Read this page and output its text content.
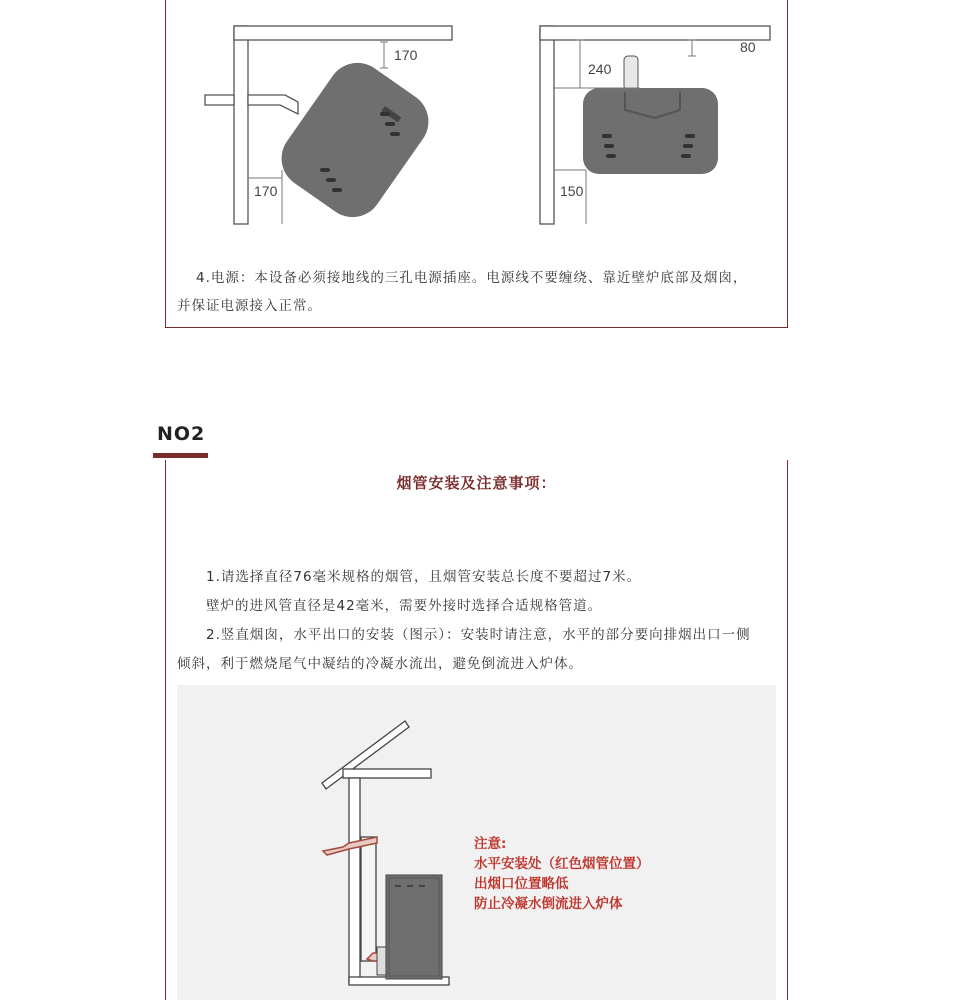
170
170
80
240
150
4.电源：本设备必须接地线的三孔电源插座。电源线不要缠绕、靠近壁炉底部及烟囱，
并保证电源接入正常。
NO2
烟管安装及注意事项：
1.请选择直径76毫米规格的烟管，且烟管安装总长度不要超过7米。
壁炉的进风管直径是42毫米，需要外接时选择合适规格管道。
2.竖直烟囱，水平出口的安装（图示）：安装时请注意，水平的部分要向排烟出口一侧
倾斜，利于燃烧尾气中凝结的冷凝水流出，避免倒流进入炉体。
注意:
水平安装处（红色烟管位置）
出烟口位置略低
防止冷凝水倒流进入炉体
